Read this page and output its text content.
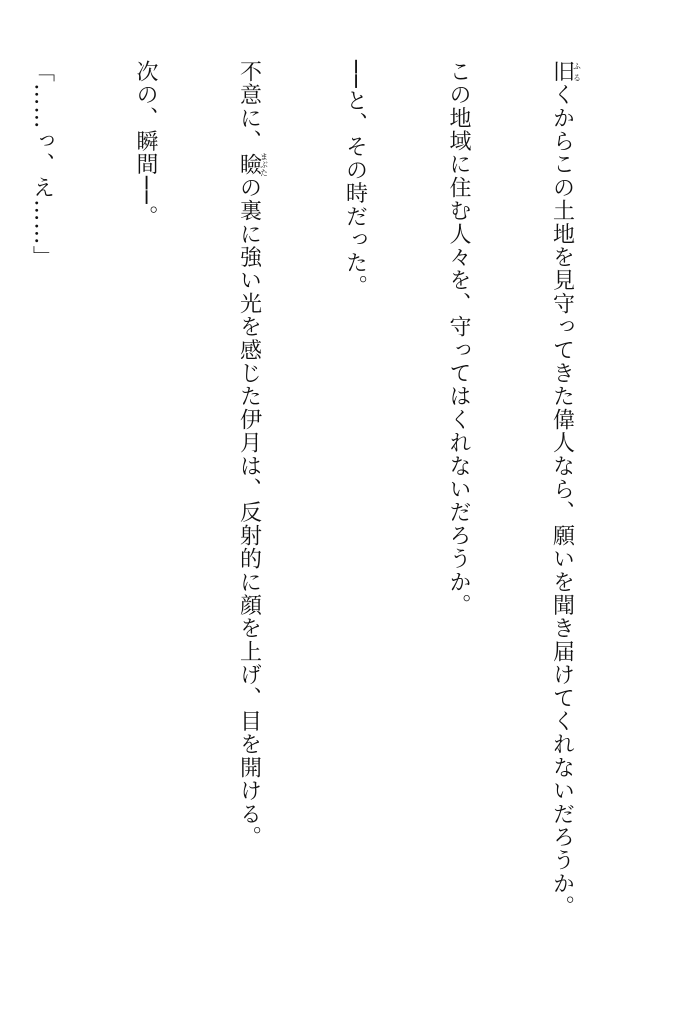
旧ふるくからこの土地を見守ってきた偉人なら、願いを聞き届けてくれないだろうか。

この地域に住む人々を、守ってはくれないだろうか。

──と、その時だった。

不意に、瞼まぶたの裏に強い光を感じた伊月は、反射的に顔を上げ、目を開ける。

次の、瞬間──。

「……っ、え……」
